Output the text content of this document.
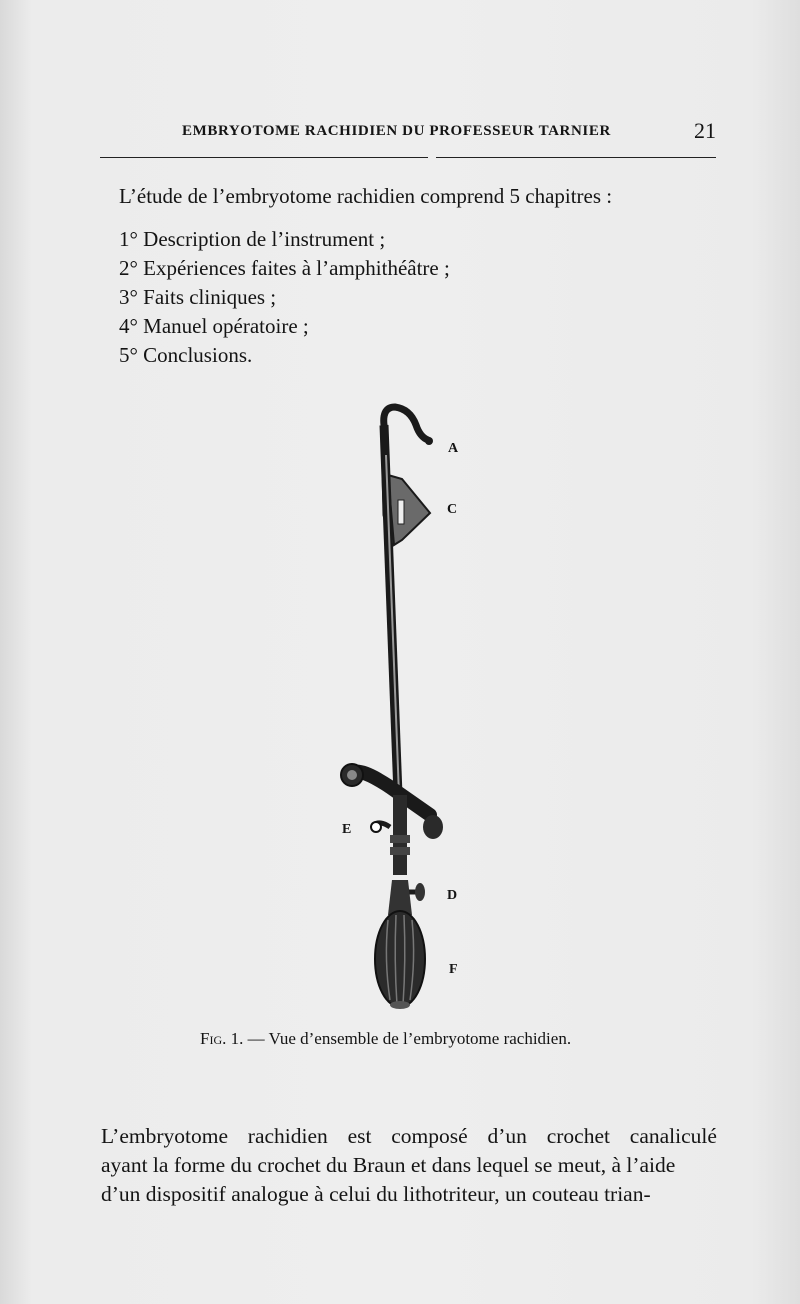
EMBRYOTOME RACHIDIEN DU PROFESSEUR TARNIER	21
L’étude de l’embryotome rachidien comprend 5 chapitres :
1° Description de l’instrument ;
2° Expériences faites à l’amphithéâtre ;
3° Faits cliniques ;
4° Manuel opératoire ;
5° Conclusions.
A
C
E
D
F
Fig. 1. — Vue d’ensemble de l’embryotome rachidien.
L’embryotome rachidien est composé d’un crochet canaliculé
ayant la forme du crochet du Braun et dans lequel se meut, à l’aide
d’un dispositif analogue à celui du lithotriteur, un couteau trian-
